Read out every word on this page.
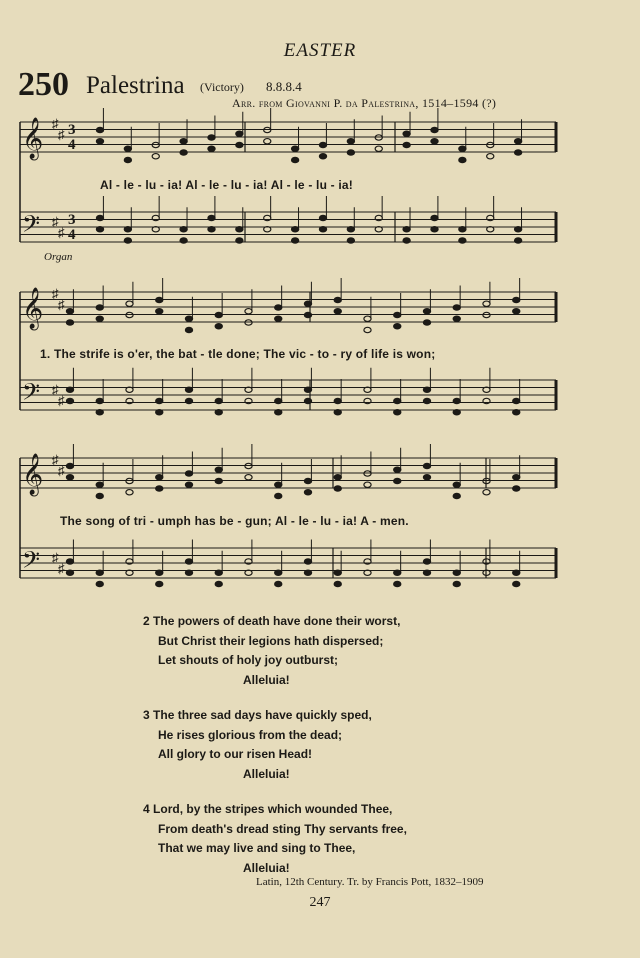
EASTER
250 Palestrina (Victory) 8.8.8.4
Arr. from Giovanni P. da Palestrina, 1514–1594 (?)
𝄞
𝄢
♯
♯
♯
♯
3
3
4
4
𝄞
𝄢
♯
♯
♯
♯
𝄞
𝄢
♯
♯
♯
♯
Organ
Al - le - lu - ia! Al - le - lu - ia! Al - le - lu - ia!
1. The strife is o'er, the bat - tle done; The vic - to - ry of life is won;
The song of tri - umph has be - gun; Al - le - lu - ia! A - men.
2 The powers of death have done their worst,
But Christ their legions hath dispersed;
Let shouts of holy joy outburst;
Alleluia!
3 The three sad days have quickly sped,
He rises glorious from the dead;
All glory to our risen Head!
Alleluia!
4 Lord, by the stripes which wounded Thee,
From death's dread sting Thy servants free,
That we may live and sing to Thee,
Alleluia!
Latin, 12th Century. Tr. by Francis Pott, 1832–1909
247
